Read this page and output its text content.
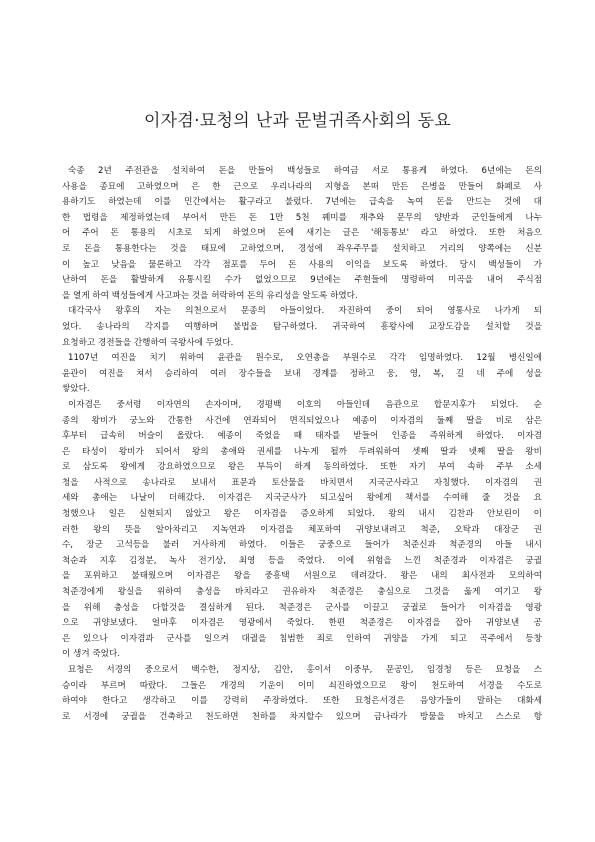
이자겸·묘청의 난과 문벌귀족사회의 동요
숙종 2년 주전관을 설치하여 돈을 만들어 백성들로 하여금 서로 통용케 하였다. 6년에는 돈의
사용을 종묘에 고하였으며 은 한 근으로 우리나라의 지형을 본떠 만든 은병을 만들어 화폐로 사
용하기도 하였는데 이를 민간에서는 활구라고 불렀다. 7년에는 급속을 녹여 돈을 만드는 것에 대
한 법령을 제정하였는데 부어서 만든 돈 1만 5천 꿰미를 재추와 문무의 양반과 군인들에게 나누
어 주어 돈 통용의 시초로 되게 하였으며 돈에 새기는 글은 '해동통보' 라고 하였다. 또한 처음으
로 돈을 통용한다는 것을 태묘에 고하였으며, 경성에 좌우주무를 설치하고 거리의 양쪽에는 신분
이 높고 낮음을 물론하고 각각 점포를 두어 돈 사용의 이익을 보도록 하였다. 당시 백성들이 가
난하여 돈을 활발하게 유통시킬 수가 없었으므로 9년에는 주현들에 명령하여 미곡을 내어 주식점
을 열게 하여 백성들에게 사고파는 것을 허락하여 돈의 유리성을 알도록 하였다.
대각국사 왕후의 자는 의천으로서 문종의 아들이었다. 자진하여 중이 되어 영통사로 나가게 되
었다. 송나라의 각지를 여행하며 불법을 탐구하였다. 귀국하여 흥왕사에 교장도감을 설치할 것을
요청하고 경전들을 간행하여 국왕사에 두었다.
1107년 여진을 치기 위하여 윤관을 원수로, 오연총을 부원수로 각각 임명하였다. 12월 병신일에
윤관이 여진을 쳐서 승리하여 여러 장수들을 보내 경계를 정하고 웅, 영, 복, 길 네 주에 성을
쌓았다.
이자겸은 중서령 이자연의 손자이며, 경평백 이호의 아들인데 음관으로 합문지후가 되었다. 순
종의 왕비가 궁노와 간통한 사건에 연좌되어 면직되었으나 예종이 이자겸의 둘째 딸을 비로 삼은
후부터 급속히 버슬이 올랐다. 예종이 죽었을 때 태자를 받들어 인종을 즉위하게 하였다. 이자겸
은 타성이 왕비가 되어서 왕의 총애와 권세를 나누게 될까 두려워하여 셋째 딸과 넷째 딸을 왕비
로 삼도록 왕에게 강요하였으므로 왕은 부득이 하게 동의하였다. 또한 자기 부여 속하 주부 소세
청을 사적으로 송나라로 보내서 표문과 토산물을 바치면서 지국군사라고 자칭했다. 이자겸의 권
세와 총애는 나날이 더해갔다. 이자겸은 지국군사가 되고싶어 왕에게 책서를 수여해 줄 것을 요
청했으나 일은 실현되지 않았고 왕은 이자겸을 증오하게 되었다. 왕의 내시 김찬과 안보린이 이
러한 왕의 뜻을 알아차리고 지녹연과 이자겸을 체포하여 귀양보내려고 척준, 오탁과 대장군 권
수, 장군 고석등을 불러 거사하게 하였다. 이들은 궁중으로 들어가 척준신과 척준경의 아들 내시
척순과 지후 김정분, 녹사 전기상, 최영 등을 죽였다. 이에 위험을 느낀 척준경과 이자겸은 궁궐
을 포위하고 불태웠으며 이자겸은 왕을 중흥택 서원으로 데려갔다. 왕은 내의 최사전과 모의하여
척준경에게 왕실을 위하여 충성을 바치라고 권유하자 척준경은 충심으로 그것을 옳게 여기고 왕
을 위해 충성을 다할것을 결심하게 된다. 척준경은 군사를 이끌고 궁궐로 들어가 이자겸을 영광
으로 귀양보냈다. 얼마후 이자겸은 영광에서 죽었다. 한편 척준경은 이자겸을 잡아 귀양보낸 공
은 있으나 이자겸과 군사를 일으켜 대궐을 침범한 죄로 인하여 귀양을 가게 되고 곡주에서 등창
이 생겨 죽었다.
묘청은 서경의 중으로서 백수한, 정지상, 김안, 홍이서 이중부, 문공인, 임경청 등은 묘청을 스
승이라 부르며 따랐다. 그들은 개경의 기운이 이미 쇠진하였으므로 왕이 천도하여 서경을 수도로
하여야 한다고 생각하고 이를 강력히 주장하였다. 또한 묘청은서경은 음양가들이 말하는 대화세
로 서경에 궁궐을 건축하고 천도하면 천하를 차지할수 있으며 금나라가 방물을 바치고 스스로 항
